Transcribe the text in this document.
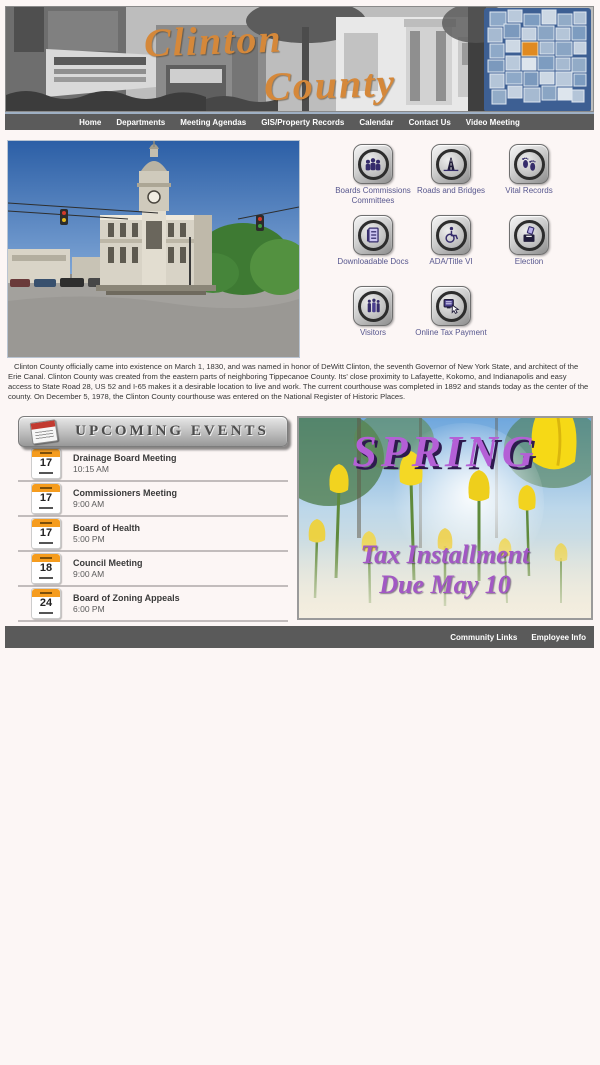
Clinton
County
Home Departments Meeting Agendas GIS/Property Records Calendar Contact Us Video Meeting
Boards Commissions Committees
Roads and Bridges	Vital Records
Downloadable Docs	ADA/Title VI	Election
Visitors	Online Tax Payment

Clinton County officially came into existence on March 1, 1830, and was named in honor of DeWitt Clinton, the seventh Governor of New York State, and architect of the Erie Canal. Clinton County was created from the eastern parts of neighboring Tippecanoe County. Its' close proximity to Lafayette, Kokomo, and Indianapolis and easy access to State Road 28, US 52 and I-65 makes it a desirable location to live and work. The current courthouse was completed in 1892 and stands today as the center of the county. On December 5, 1978, the Clinton County courthouse was entered on the National Register of Historic Places.

UPCOMING EVENTS
17 Drainage Board Meeting
10:15 AM
17 Commissioners Meeting
9:00 AM
17 Board of Health
5:00 PM
18 Council Meeting
9:00 AM
24 Board of Zoning Appeals
6:00 PM
SPRING
Tax Installment
Due May 10
Community Links Employee Info
